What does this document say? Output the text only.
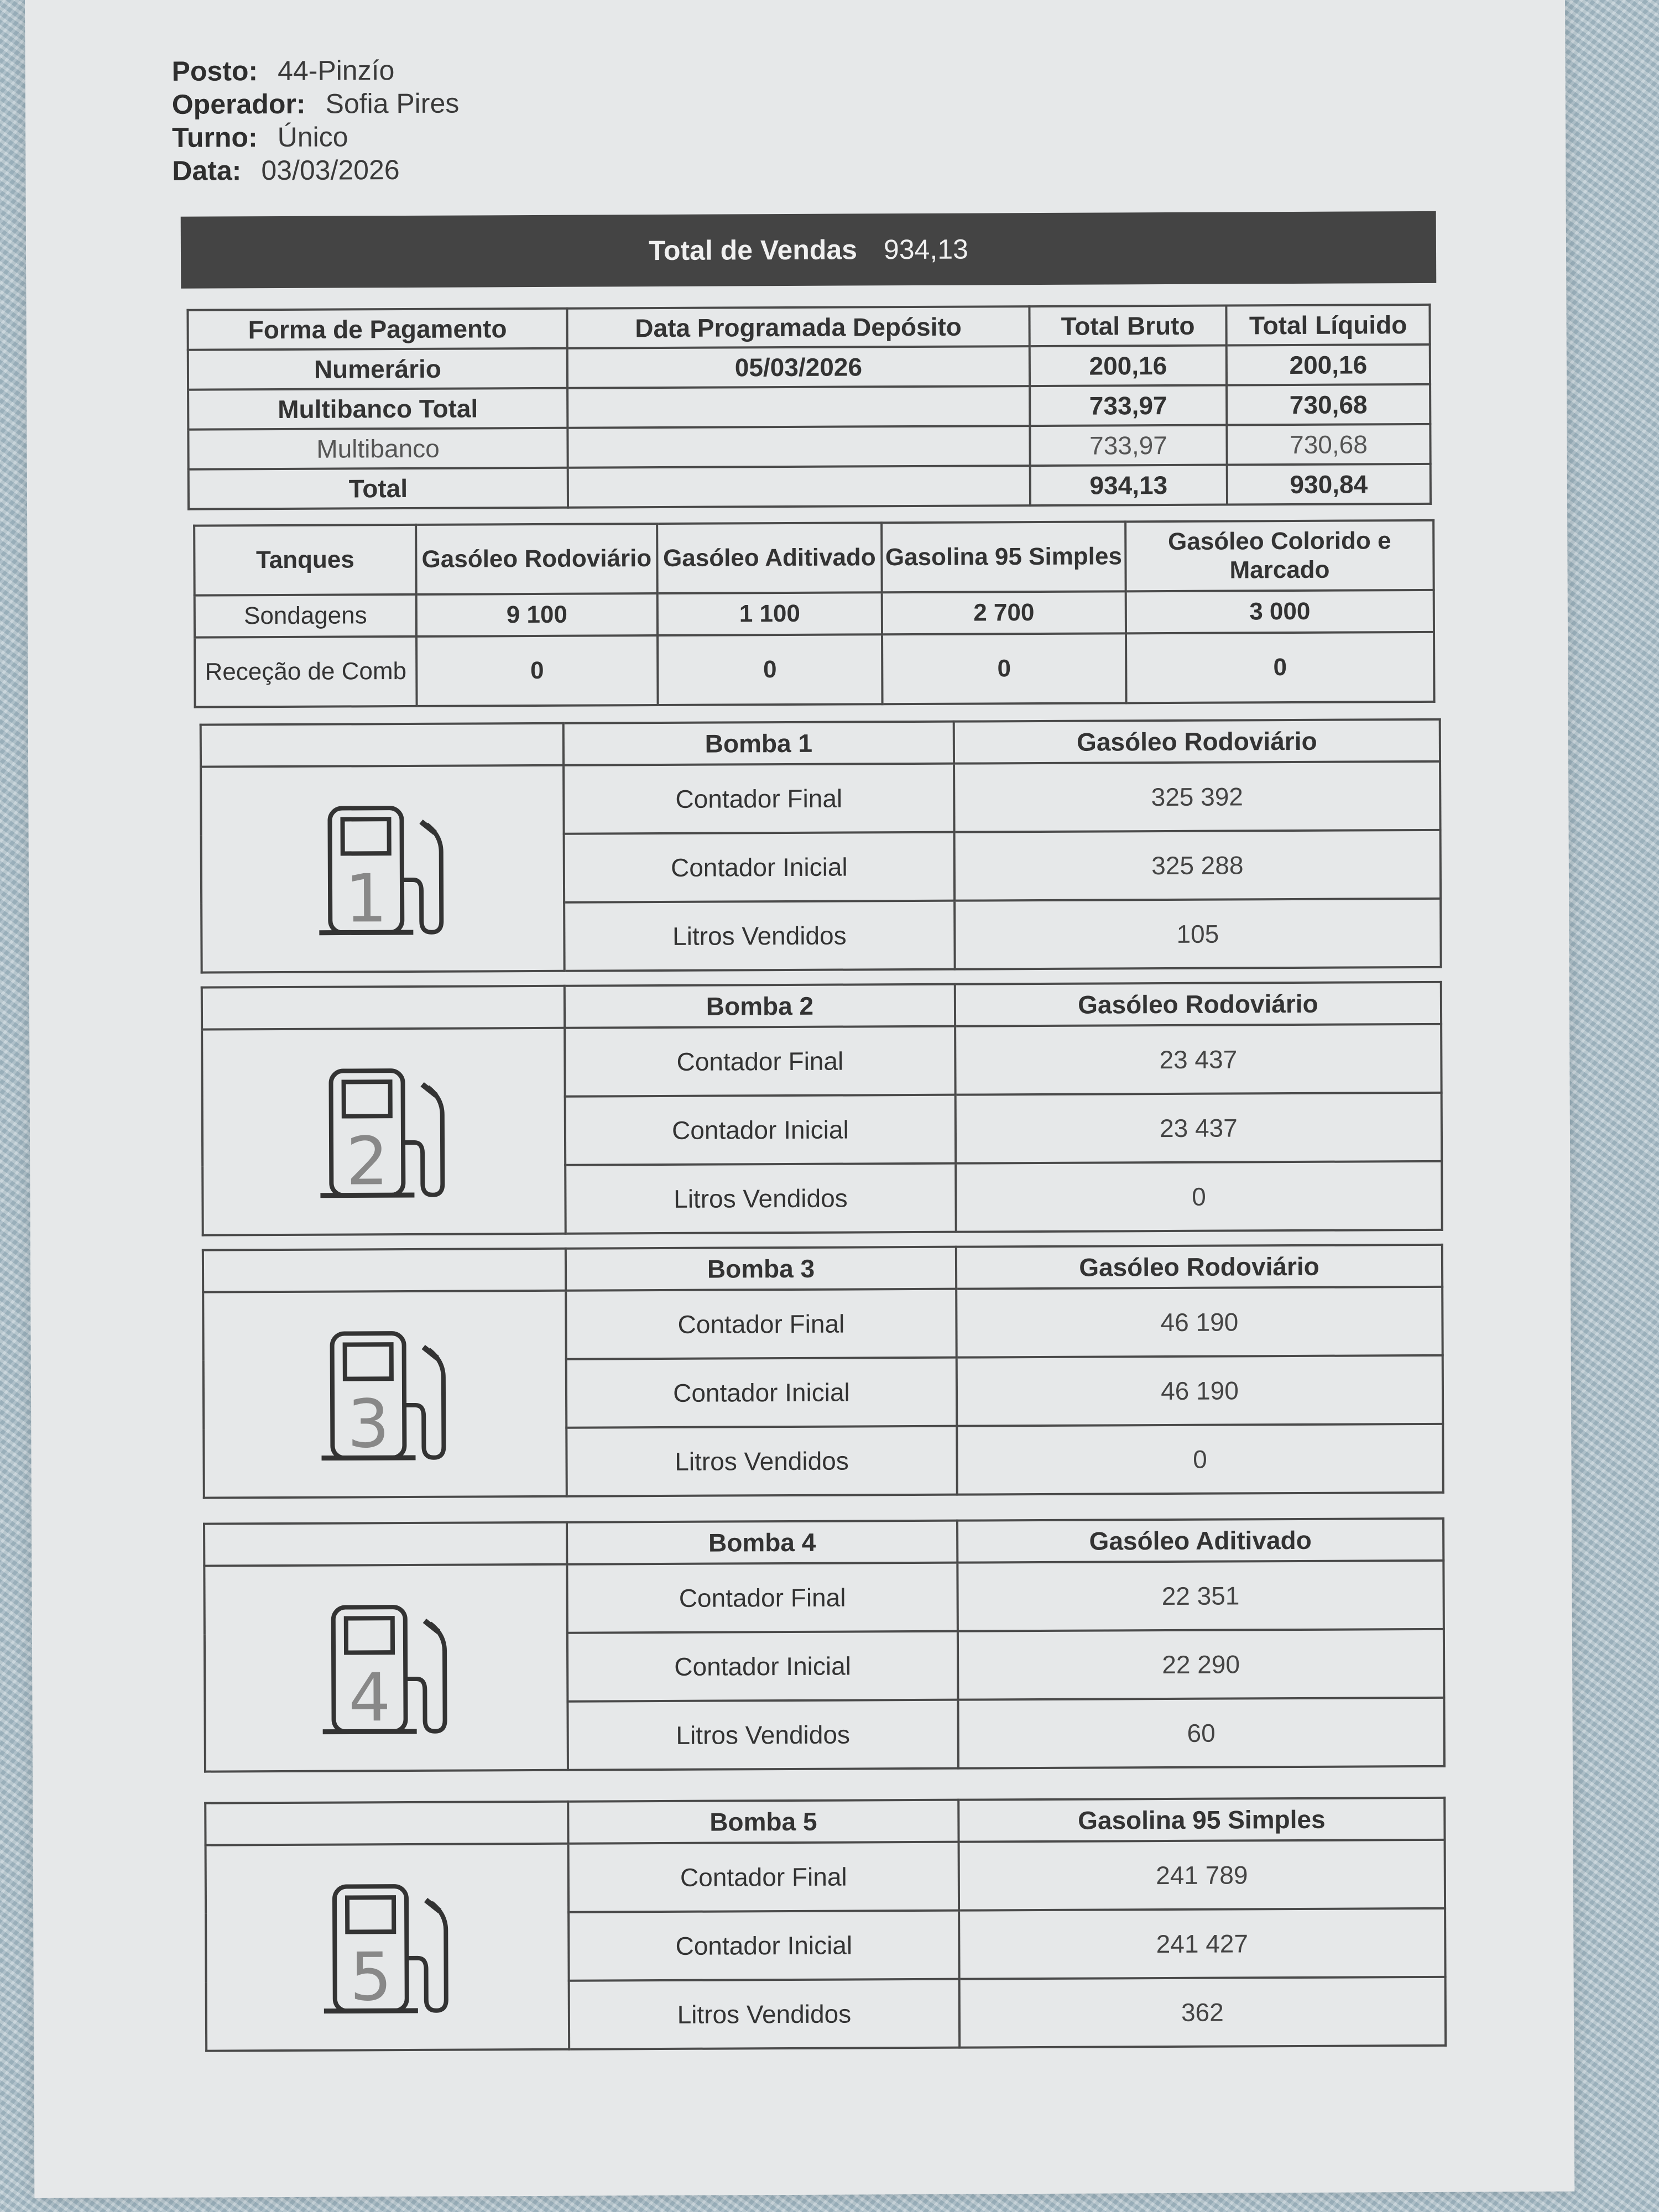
Posto: 44-Pinzío
Operador: Sofia Pires
Turno: Único
Data: 03/03/2026
Total de Vendas 934,13
Forma de Pagamento	Data Programada Depósito	Total Bruto	Total Líquido
Numerário	05/03/2026	200,16	200,16
Multibanco Total		733,97	730,68
Multibanco		733,97	730,68
Total		934,13	930,84
Tanques	Gasóleo Rodoviário	Gasóleo Aditivado	Gasolina 95 Simples	Gasóleo Colorido e Marcado
Sondagens	9 100	1 100	2 700	3 000
Receção de Comb	0	0	0	0
	Bomba 1	Gasóleo Rodoviário

1	Contador Final	325 392
	Contador Inicial	325 288
	Litros Vendidos	105
	Bomba 2	Gasóleo Rodoviário

2	Contador Final	23 437
	Contador Inicial	23 437
	Litros Vendidos	0
	Bomba 3	Gasóleo Rodoviário

3	Contador Final	46 190
	Contador Inicial	46 190
	Litros Vendidos	0
	Bomba 4	Gasóleo Aditivado

4	Contador Final	22 351
	Contador Inicial	22 290
	Litros Vendidos	60
	Bomba 5	Gasolina 95 Simples

5	Contador Final	241 789
	Contador Inicial	241 427
	Litros Vendidos	362
